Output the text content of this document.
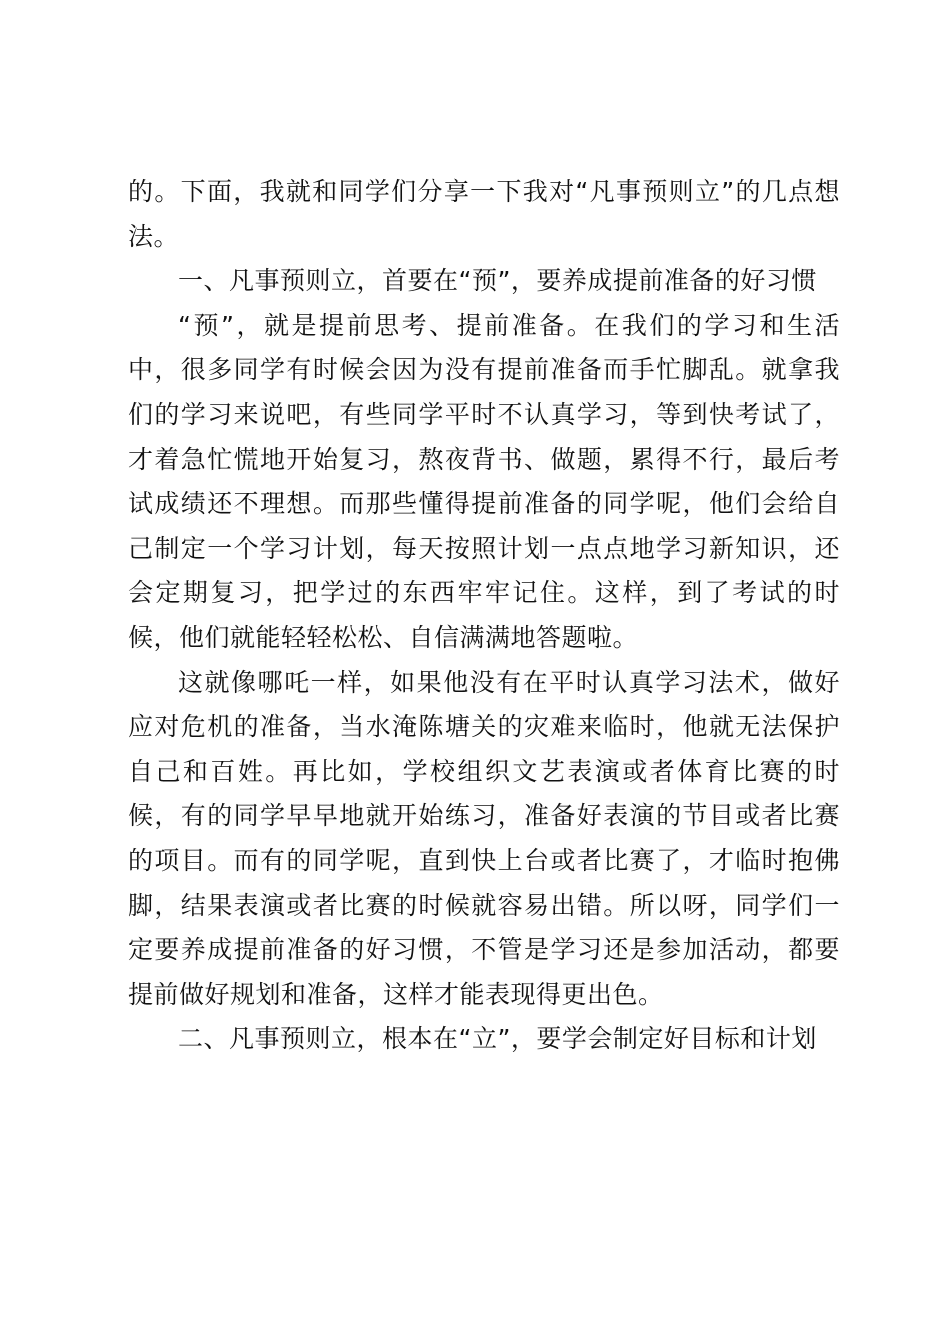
的。下面，我就和同学们分享一下我对“凡事预则立”的几点想法。

一、凡事预则立，首要在“预”，要养成提前准备的好习惯

“预”，就是提前思考、提前准备。在我们的学习和生活中，很多同学有时候会因为没有提前准备而手忙脚乱。就拿我们的学习来说吧，有些同学平时不认真学习，等到快考试了，才着急忙慌地开始复习，熬夜背书、做题，累得不行，最后考试成绩还不理想。而那些懂得提前准备的同学呢，他们会给自己制定一个学习计划，每天按照计划一点点地学习新知识，还会定期复习，把学过的东西牢牢记住。这样，到了考试的时候，他们就能轻轻松松、自信满满地答题啦。

这就像哪吒一样，如果他没有在平时认真学习法术，做好应对危机的准备，当水淹陈塘关的灾难来临时，他就无法保护自己和百姓。再比如，学校组织文艺表演或者体育比赛的时候，有的同学早早地就开始练习，准备好表演的节目或者比赛的项目。而有的同学呢，直到快上台或者比赛了，才临时抱佛脚，结果表演或者比赛的时候就容易出错。所以呀，同学们一定要养成提前准备的好习惯，不管是学习还是参加活动，都要提前做好规划和准备，这样才能表现得更出色。

二、凡事预则立，根本在“立”，要学会制定好目标和计划
